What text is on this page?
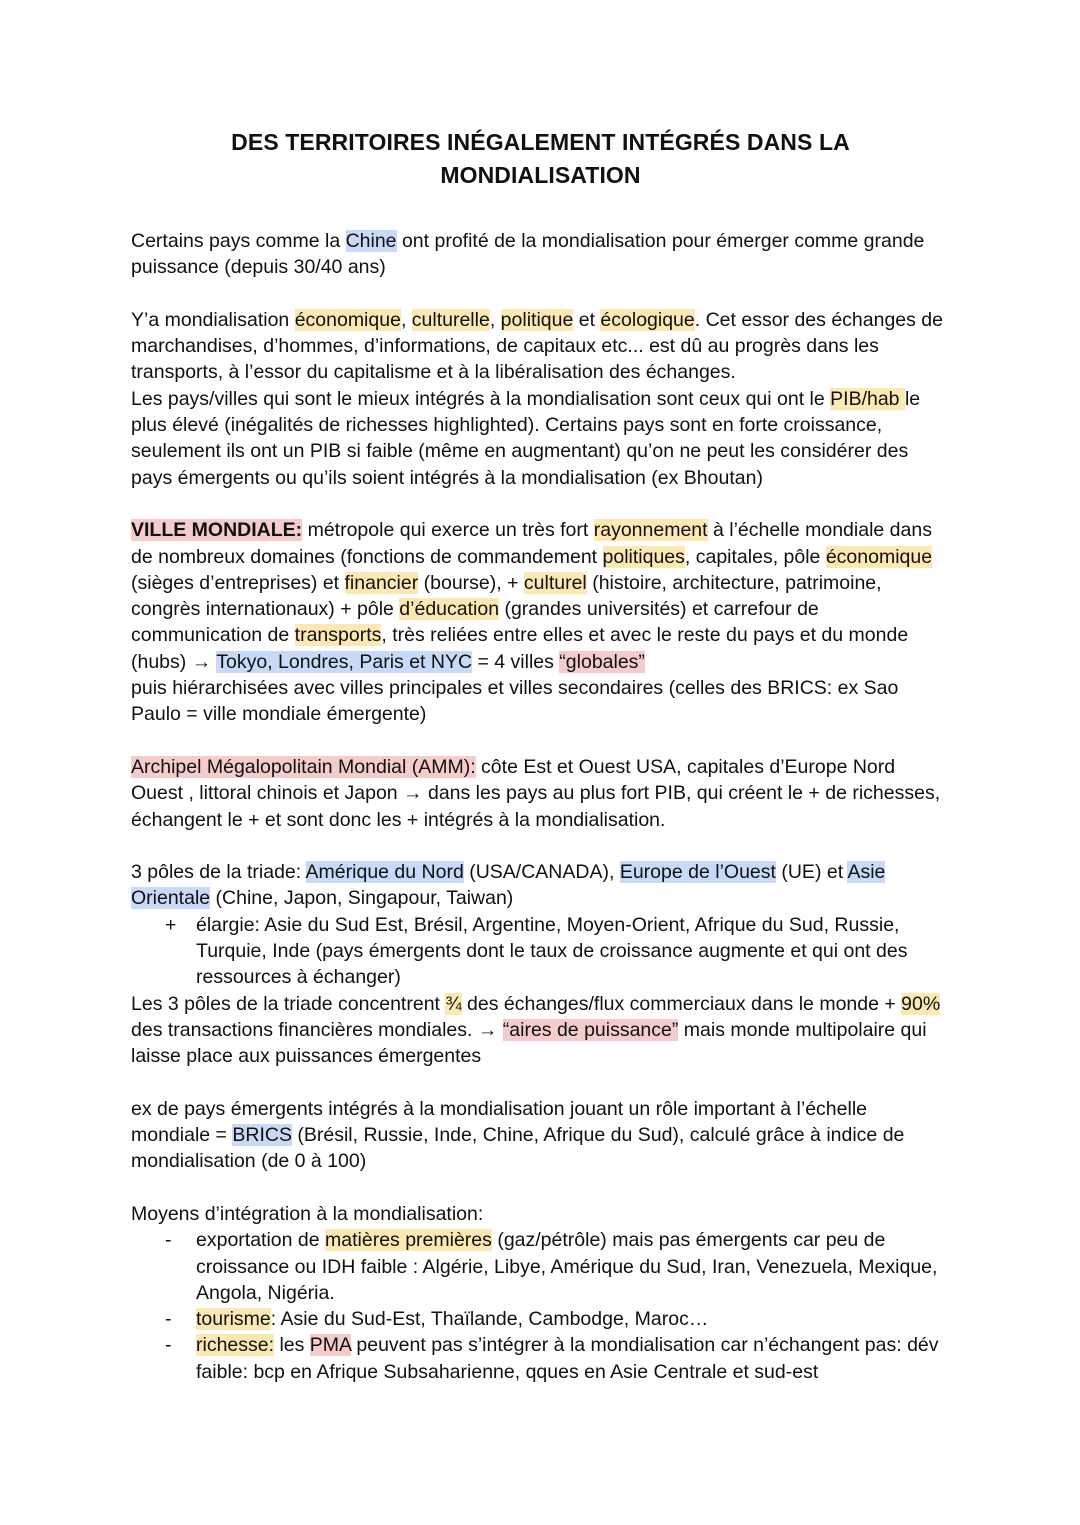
DES TERRITOIRES INÉGALEMENT INTÉGRÉS DANS LA
MONDIALISATION

Certains pays comme la Chine ont profité de la mondialisation pour émerger comme grande puissance (depuis 30/40 ans)

Y’a mondialisation économique, culturelle, politique et écologique. Cet essor des échanges de marchandises, d’hommes, d’informations, de capitaux etc... est dû au progrès dans les transports, à l’essor du capitalisme et à la libéralisation des échanges.
Les pays/villes qui sont le mieux intégrés à la mondialisation sont ceux qui ont le PIB/hab le plus élevé (inégalités de richesses highlighted). Certains pays sont en forte croissance, seulement ils ont un PIB si faible (même en augmentant) qu’on ne peut les considérer des pays émergents ou qu’ils soient intégrés à la mondialisation (ex Bhoutan)

VILLE MONDIALE: métropole qui exerce un très fort rayonnement à l’échelle mondiale dans de nombreux domaines (fonctions de commandement politiques, capitales, pôle économique (sièges d’entreprises) et financier (bourse), + culturel (histoire, architecture, patrimoine, congrès internationaux) + pôle d’éducation (grandes universités) et carrefour de communication de transports, très reliées entre elles et avec le reste du pays et du monde (hubs) → Tokyo, Londres, Paris et NYC = 4 villes “globales”
puis hiérarchisées avec villes principales et villes secondaires (celles des BRICS: ex Sao Paulo = ville mondiale émergente)

Archipel Mégalopolitain Mondial (AMM): côte Est et Ouest USA, capitales d’Europe Nord Ouest , littoral chinois et Japon → dans les pays au plus fort PIB, qui créent le + de richesses, échangent le + et sont donc les + intégrés à la mondialisation.

3 pôles de la triade: Amérique du Nord (USA/CANADA), Europe de l’Ouest (UE) et Asie Orientale (Chine, Japon, Singapour, Taiwan)

+ élargie: Asie du Sud Est, Brésil, Argentine, Moyen-Orient, Afrique du Sud, Russie, Turquie, Inde (pays émergents dont le taux de croissance augmente et qui ont des ressources à échanger)

Les 3 pôles de la triade concentrent ¾ des échanges/flux commerciaux dans le monde + 90% des transactions financières mondiales. → “aires de puissance” mais monde multipolaire qui laisse place aux puissances émergentes

ex de pays émergents intégrés à la mondialisation jouant un rôle important à l’échelle mondiale = BRICS (Brésil, Russie, Inde, Chine, Afrique du Sud), calculé grâce à indice de mondialisation (de 0 à 100)

Moyens d’intégration à la mondialisation:

- exportation de matières premières (gaz/pétrôle) mais pas émergents car peu de croissance ou IDH faible : Algérie, Libye, Amérique du Sud, Iran, Venezuela, Mexique, Angola, Nigéria.
- tourisme: Asie du Sud-Est, Thaïlande, Cambodge, Maroc…
- richesse: les PMA peuvent pas s’intégrer à la mondialisation car n’échangent pas: dév faible: bcp en Afrique Subsaharienne, qques en Asie Centrale et sud-est
